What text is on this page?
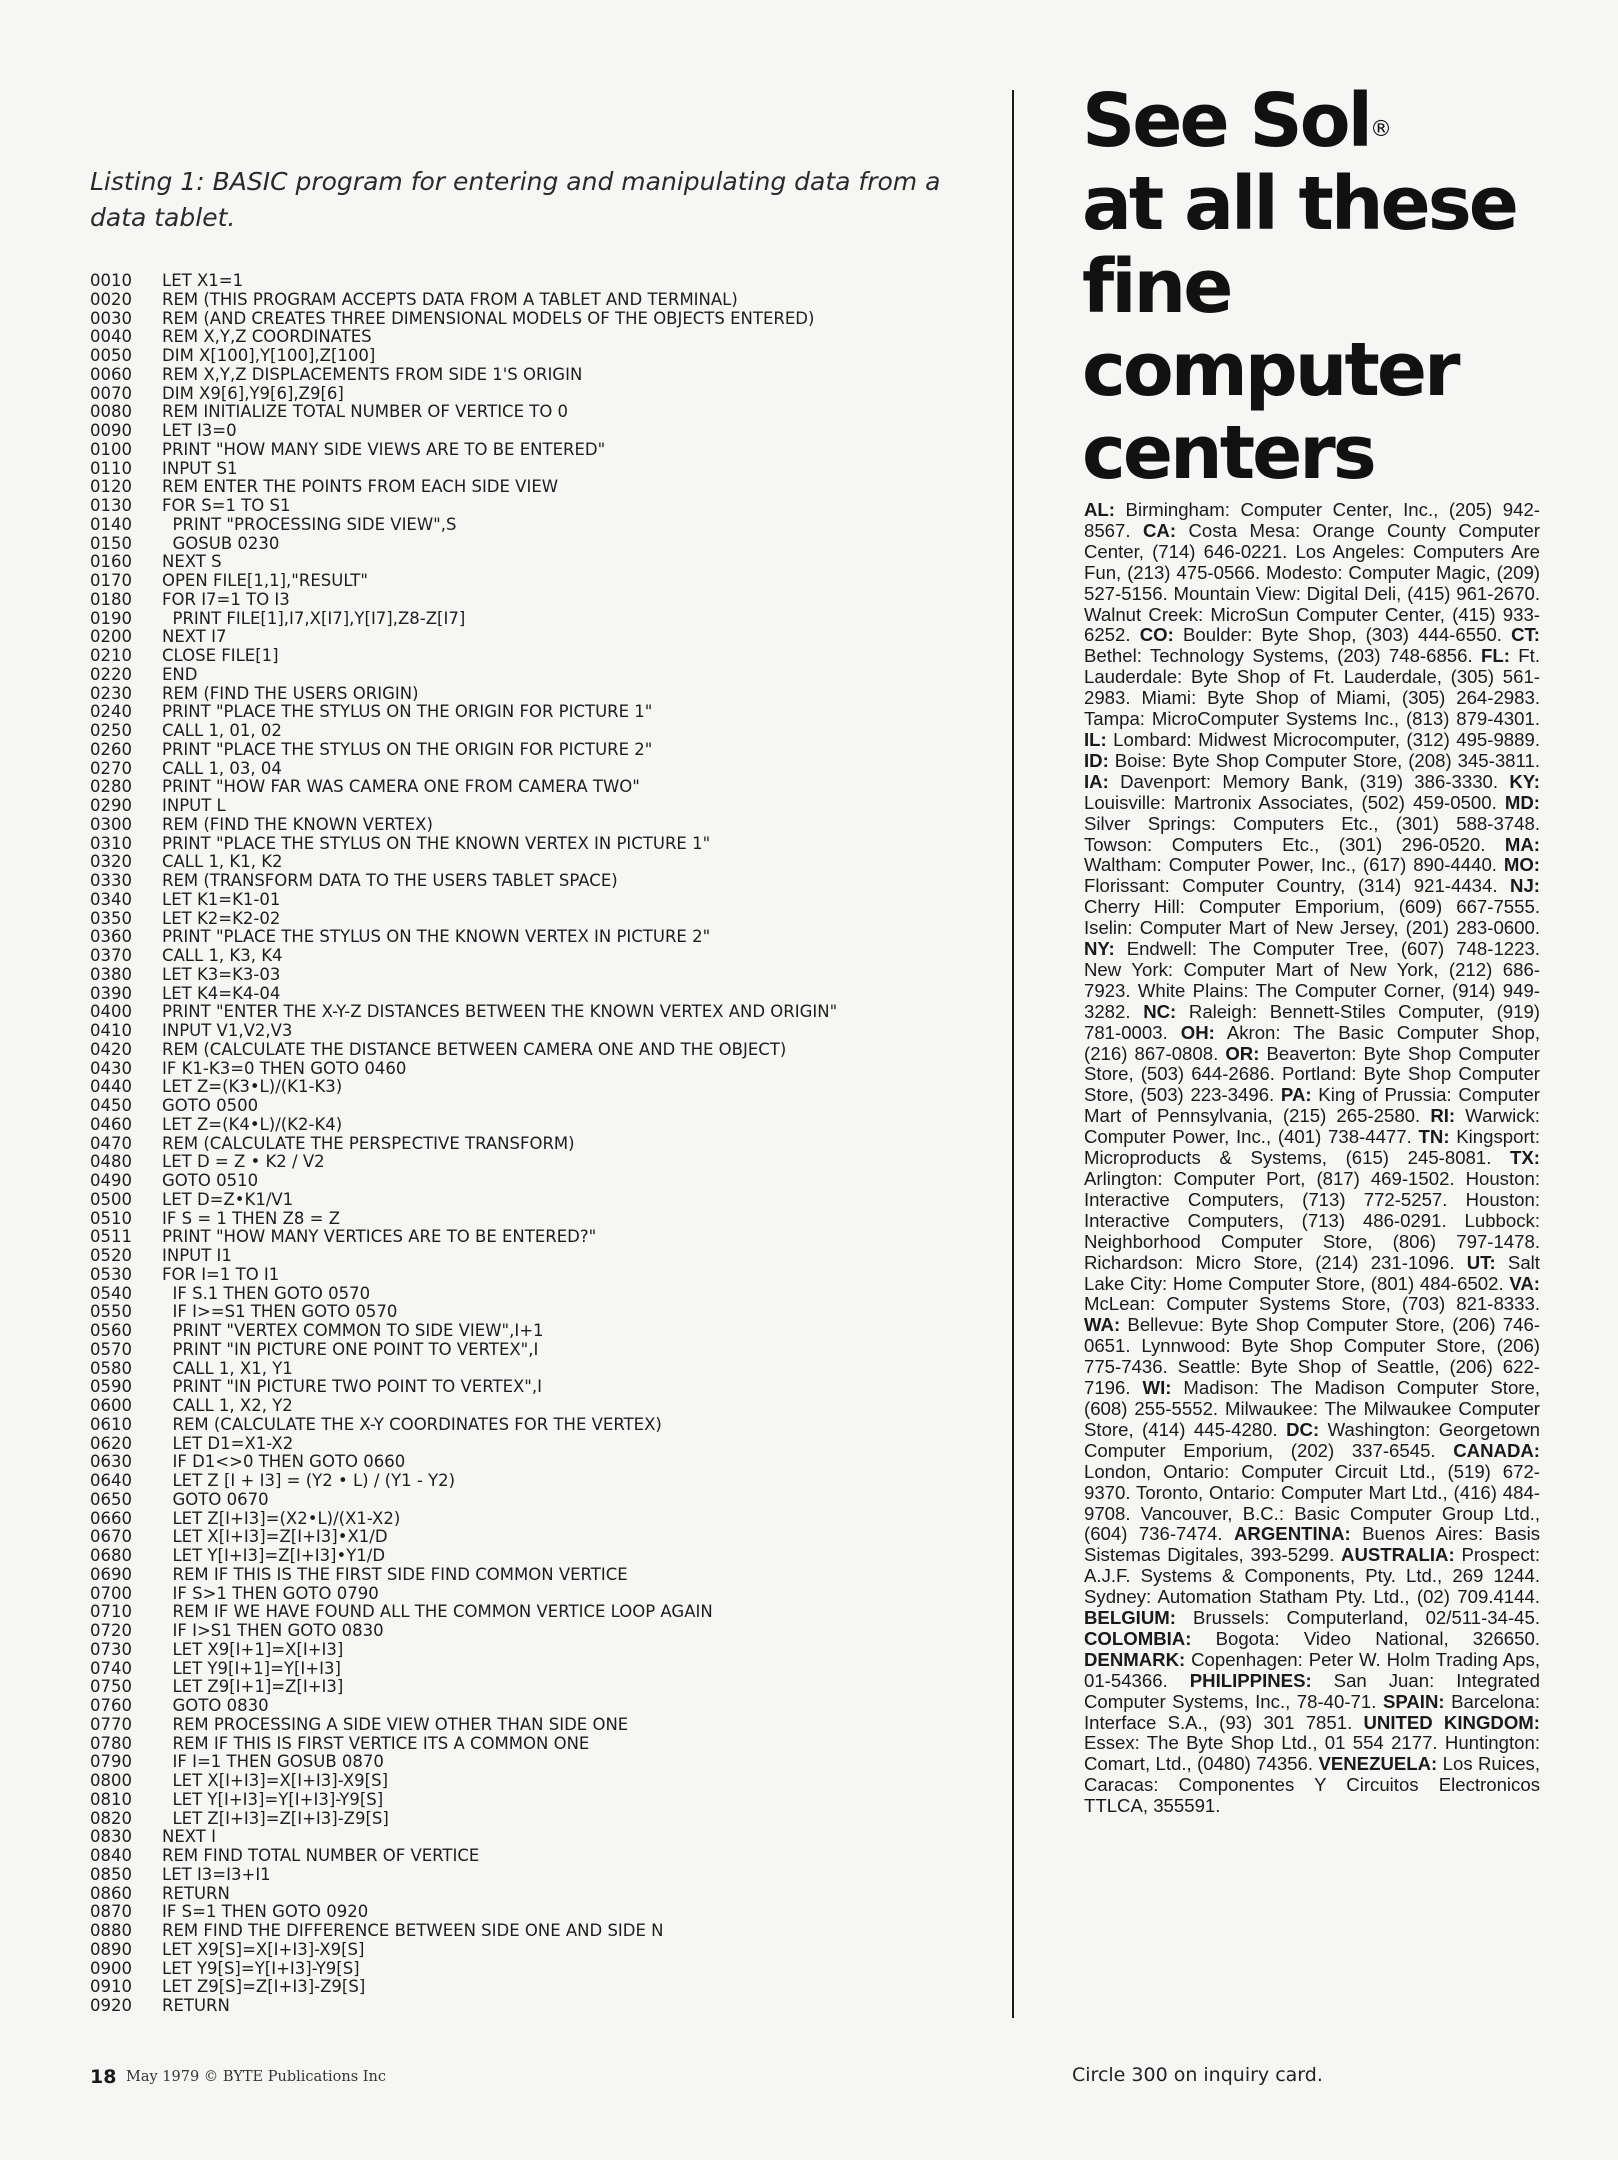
Listing 1: BASIC program for entering and manipulating data from a data tablet.

0010	LET X1=1
0020	REM (THIS PROGRAM ACCEPTS DATA FROM A TABLET AND TERMINAL)
0030	REM (AND CREATES THREE DIMENSIONAL MODELS OF THE OBJECTS ENTERED)
0040	REM X,Y,Z COORDINATES
0050	DIM X[100],Y[100],Z[100]
0060	REM X,Y,Z DISPLACEMENTS FROM SIDE 1'S ORIGIN
0070	DIM X9[6],Y9[6],Z9[6]
0080	REM INITIALIZE TOTAL NUMBER OF VERTICE TO 0
0090	LET I3=0
0100	PRINT "HOW MANY SIDE VIEWS ARE TO BE ENTERED"
0110	INPUT S1
0120	REM ENTER THE POINTS FROM EACH SIDE VIEW
0130	FOR S=1 TO S1
0140	PRINT "PROCESSING SIDE VIEW",S
0150	GOSUB 0230
0160	NEXT S
0170	OPEN FILE[1,1],"RESULT"
0180	FOR I7=1 TO I3
0190	PRINT FILE[1],I7,X[I7],Y[I7],Z8-Z[I7]
0200	NEXT I7
0210	CLOSE FILE[1]
0220	END
0230	REM (FIND THE USERS ORIGIN)
0240	PRINT "PLACE THE STYLUS ON THE ORIGIN FOR PICTURE 1"
0250	CALL 1, 01, 02
0260	PRINT "PLACE THE STYLUS ON THE ORIGIN FOR PICTURE 2"
0270	CALL 1, 03, 04
0280	PRINT "HOW FAR WAS CAMERA ONE FROM CAMERA TWO"
0290	INPUT L
0300	REM (FIND THE KNOWN VERTEX)
0310	PRINT "PLACE THE STYLUS ON THE KNOWN VERTEX IN PICTURE 1"
0320	CALL 1, K1, K2
0330	REM (TRANSFORM DATA TO THE USERS TABLET SPACE)
0340	LET K1=K1-01
0350	LET K2=K2-02
0360	PRINT "PLACE THE STYLUS ON THE KNOWN VERTEX IN PICTURE 2"
0370	CALL 1, K3, K4
0380	LET K3=K3-03
0390	LET K4=K4-04
0400	PRINT "ENTER THE X-Y-Z DISTANCES BETWEEN THE KNOWN VERTEX AND ORIGIN"
0410	INPUT V1,V2,V3
0420	REM (CALCULATE THE DISTANCE BETWEEN CAMERA ONE AND THE OBJECT)
0430	IF K1-K3=0 THEN GOTO 0460
0440	LET Z=(K3•L)/(K1-K3)
0450	GOTO 0500
0460	LET Z=(K4•L)/(K2-K4)
0470	REM (CALCULATE THE PERSPECTIVE TRANSFORM)
0480	LET D = Z • K2 / V2
0490	GOTO 0510
0500	LET D=Z•K1/V1
0510	IF S = 1 THEN Z8 = Z
0511	PRINT "HOW MANY VERTICES ARE TO BE ENTERED?"
0520	INPUT I1
0530	FOR I=1 TO I1
0540	IF S.1 THEN GOTO 0570
0550	IF I>=S1 THEN GOTO 0570
0560	PRINT "VERTEX COMMON TO SIDE VIEW",I+1
0570	PRINT "IN PICTURE ONE POINT TO VERTEX",I
0580	CALL 1, X1, Y1
0590	PRINT "IN PICTURE TWO POINT TO VERTEX",I
0600	CALL 1, X2, Y2
0610	REM (CALCULATE THE X-Y COORDINATES FOR THE VERTEX)
0620	LET D1=X1-X2
0630	IF D1<>0 THEN GOTO 0660
0640	LET Z [I + I3] = (Y2 • L) / (Y1 - Y2)
0650	GOTO 0670
0660	LET Z[I+I3]=(X2•L)/(X1-X2)
0670	LET X[I+I3]=Z[I+I3]•X1/D
0680	LET Y[I+I3]=Z[I+I3]•Y1/D
0690	REM IF THIS IS THE FIRST SIDE FIND COMMON VERTICE
0700	IF S>1 THEN GOTO 0790
0710	REM IF WE HAVE FOUND ALL THE COMMON VERTICE LOOP AGAIN
0720	IF I>S1 THEN GOTO 0830
0730	LET X9[I+1]=X[I+I3]
0740	LET Y9[I+1]=Y[I+I3]
0750	LET Z9[I+1]=Z[I+I3]
0760	GOTO 0830
0770	REM PROCESSING A SIDE VIEW OTHER THAN SIDE ONE
0780	REM IF THIS IS FIRST VERTICE ITS A COMMON ONE
0790	IF I=1 THEN GOSUB 0870
0800	LET X[I+I3]=X[I+I3]-X9[S]
0810	LET Y[I+I3]=Y[I+I3]-Y9[S]
0820	LET Z[I+I3]=Z[I+I3]-Z9[S]
0830	NEXT I
0840	REM FIND TOTAL NUMBER OF VERTICE
0850	LET I3=I3+I1
0860	RETURN
0870	IF S=1 THEN GOTO 0920
0880	REM FIND THE DIFFERENCE BETWEEN SIDE ONE AND SIDE N
0890	LET X9[S]=X[I+I3]-X9[S]
0900	LET Y9[S]=Y[I+I3]-Y9[S]
0910	LET Z9[S]=Z[I+I3]-Z9[S]
0920	RETURN
See Sol®
at all these
fine
computer
centers
AL: Birmingham: Computer Center, Inc., (205) 942-8567. CA: Costa Mesa: Orange County Computer Center, (714) 646-0221. Los Angeles: Computers Are Fun, (213) 475-0566. Modesto: Computer Magic, (209) 527-5156. Mountain View: Digital Deli, (415) 961-2670. Walnut Creek: MicroSun Computer Center, (415) 933-6252. CO: Boulder: Byte Shop, (303) 444-6550. CT: Bethel: Technology Systems, (203) 748-6856. FL: Ft. Lauderdale: Byte Shop of Ft. Lauderdale, (305) 561-2983. Miami: Byte Shop of Miami, (305) 264-2983. Tampa: MicroComputer Systems Inc., (813) 879-4301. IL: Lombard: Midwest Microcomputer, (312) 495-9889. ID: Boise: Byte Shop Computer Store, (208) 345-3811. IA: Davenport: Memory Bank, (319) 386-3330. KY: Louisville: Martronix Associates, (502) 459-0500. MD: Silver Springs: Computers Etc., (301) 588-3748. Towson: Computers Etc., (301) 296-0520. MA: Waltham: Computer Power, Inc., (617) 890-4440. MO: Florissant: Computer Country, (314) 921-4434. NJ: Cherry Hill: Computer Emporium, (609) 667-7555. Iselin: Computer Mart of New Jersey, (201) 283-0600. NY: Endwell: The Computer Tree, (607) 748-1223. New York: Computer Mart of New York, (212) 686-7923. White Plains: The Computer Corner, (914) 949-3282. NC: Raleigh: Bennett-Stiles Computer, (919) 781-0003. OH: Akron: The Basic Computer Shop, (216) 867-0808. OR: Beaverton: Byte Shop Computer Store, (503) 644-2686. Portland: Byte Shop Computer Store, (503) 223-3496. PA: King of Prussia: Computer Mart of Pennsylvania, (215) 265-2580. RI: Warwick: Computer Power, Inc., (401) 738-4477. TN: Kingsport: Microproducts & Systems, (615) 245-8081. TX: Arlington: Computer Port, (817) 469-1502. Houston: Interactive Computers, (713) 772-5257. Houston: Interactive Computers, (713) 486-0291. Lubbock: Neighborhood Computer Store, (806) 797-1478. Richardson: Micro Store, (214) 231-1096. UT: Salt Lake City: Home Computer Store, (801) 484-6502. VA: McLean: Computer Systems Store, (703) 821-8333. WA: Bellevue: Byte Shop Computer Store, (206) 746-0651. Lynnwood: Byte Shop Computer Store, (206) 775-7436. Seattle: Byte Shop of Seattle, (206) 622-7196. WI: Madison: The Madison Computer Store, (608) 255-5552. Milwaukee: The Milwaukee Computer Store, (414) 445-4280. DC: Washington: Georgetown Computer Emporium, (202) 337-6545. CANADA: London, Ontario: Computer Circuit Ltd., (519) 672-9370. Toronto, Ontario: Computer Mart Ltd., (416) 484-9708. Vancouver, B.C.: Basic Computer Group Ltd., (604) 736-7474. ARGENTINA: Buenos Aires: Basis Sistemas Digitales, 393-5299. AUSTRALIA: Prospect: A.J.F. Systems & Components, Pty. Ltd., 269 1244. Sydney: Automation Statham Pty. Ltd., (02) 709.4144. BELGIUM: Brussels: Computerland, 02/511-34-45. COLOMBIA: Bogota: Video National, 326650. DENMARK: Copenhagen: Peter W. Holm Trading Aps, 01-54366. PHILIPPINES: San Juan: Integrated Computer Systems, Inc., 78-40-71. SPAIN: Barcelona: Interface S.A., (93) 301 7851. UNITED KINGDOM: Essex: The Byte Shop Ltd., 01 554 2177. Huntington: Comart, Ltd., (0480) 74356. VENEZUELA: Los Ruices, Caracas: Componentes Y Circuitos Electronicos TTLCA, 355591.
18 May 1979 © BYTE Publications Inc	Circle 300 on inquiry card.
